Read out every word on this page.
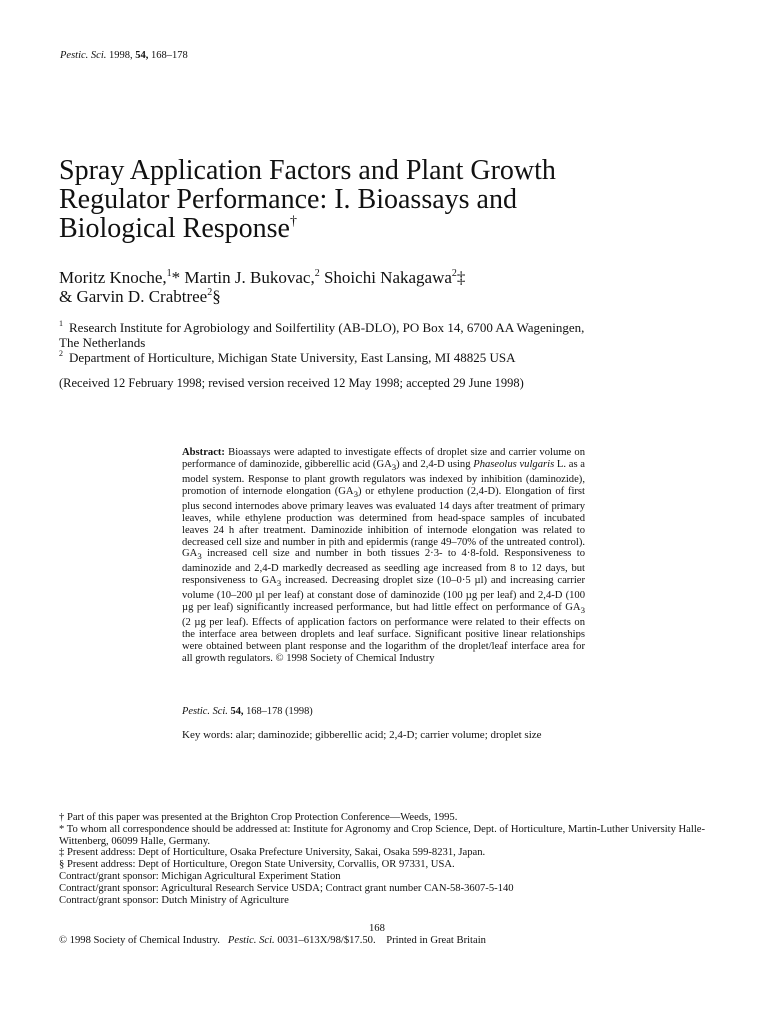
Pestic. Sci. 1998, 54, 168–178
Spray Application Factors and Plant Growth
Regulator Performance: I. Bioassays and
Biological Response†
Moritz Knoche,$^1$* Martin J. Bukovac,$^2$ Shoichi Nakagawa$^2$‡
& Garvin D. Crabtree$^2$§
$^1$ Research Institute for Agrobiology and Soilfertility (AB-DLO), PO Box 14, 6700 AA Wageningen,
The Netherlands
$^2$ Department of Horticulture, Michigan State University, East Lansing, MI 48825 USA
(Received 12 February 1998; revised version received 12 May 1998; accepted 29 June 1998)

Abstract: Bioassays were adapted to investigate effects of droplet size and carrier volume on performance of daminozide, gibberellic acid $(GA_3)$ and 2,4-D using Phaseolus vulgaris L. as a model system. Response to plant growth regulators was indexed by inhibition (daminozide), promotion of internode elongation $(GA_3)$ or ethylene production (2,4-D). Elongation of first plus second internodes above primary leaves was evaluated 14 days after treatment of primary leaves, while ethylene production was determined from head-space samples of incubated leaves 24 h after treatment. Daminozide inhibition of internode elongation was related to decreased cell size and number in pith and epidermis (range 49–70% of the untreated control). $GA_3$ increased cell size and number in both tissues 2·3- to 4·8-fold. Responsiveness to daminozide and 2,4-D markedly decreased as seedling age increased from 8 to 12 days, but responsiveness to $GA_3$ increased. Decreasing droplet size (10–0·5 µl) and increasing carrier volume (10–200 µl per leaf) at constant dose of daminozide (100 µg per leaf) and 2,4-D (100 µg per leaf) significantly increased performance, but had little effect on performance of $GA_3$ (2 µg per leaf). Effects of application factors on performance were related to their effects on the interface area between droplets and leaf surface. Significant positive linear relationships were obtained between plant response and the logarithm of the droplet/leaf interface area for all growth regulators. © 1998 Society of Chemical Industry

Pestic. Sci. 54, 168–178 (1998)
Key words: alar; daminozide; gibberellic acid; 2,4-D; carrier volume; droplet size
† Part of this paper was presented at the Brighton Crop Protection Conference—Weeds, 1995.
* To whom all correspondence should be addressed at: Institute for Agronomy and Crop Science, Dept. of Horticulture, Martin-Luther University Halle-Wittenberg, 06099 Halle, Germany.
‡ Present address: Dept of Horticulture, Osaka Prefecture University, Sakai, Osaka 599-8231, Japan.
§ Present address: Dept of Horticulture, Oregon State University, Corvallis, OR 97331, USA.
Contract/grant sponsor: Michigan Agricultural Experiment Station
Contract/grant sponsor: Agricultural Research Service USDA; Contract grant number CAN-58-3607-5-140
Contract/grant sponsor: Dutch Ministry of Agriculture
168
© 1998 Society of Chemical Industry.   Pestic. Sci. 0031–613X/98/$17.50.    Printed in Great Britain
